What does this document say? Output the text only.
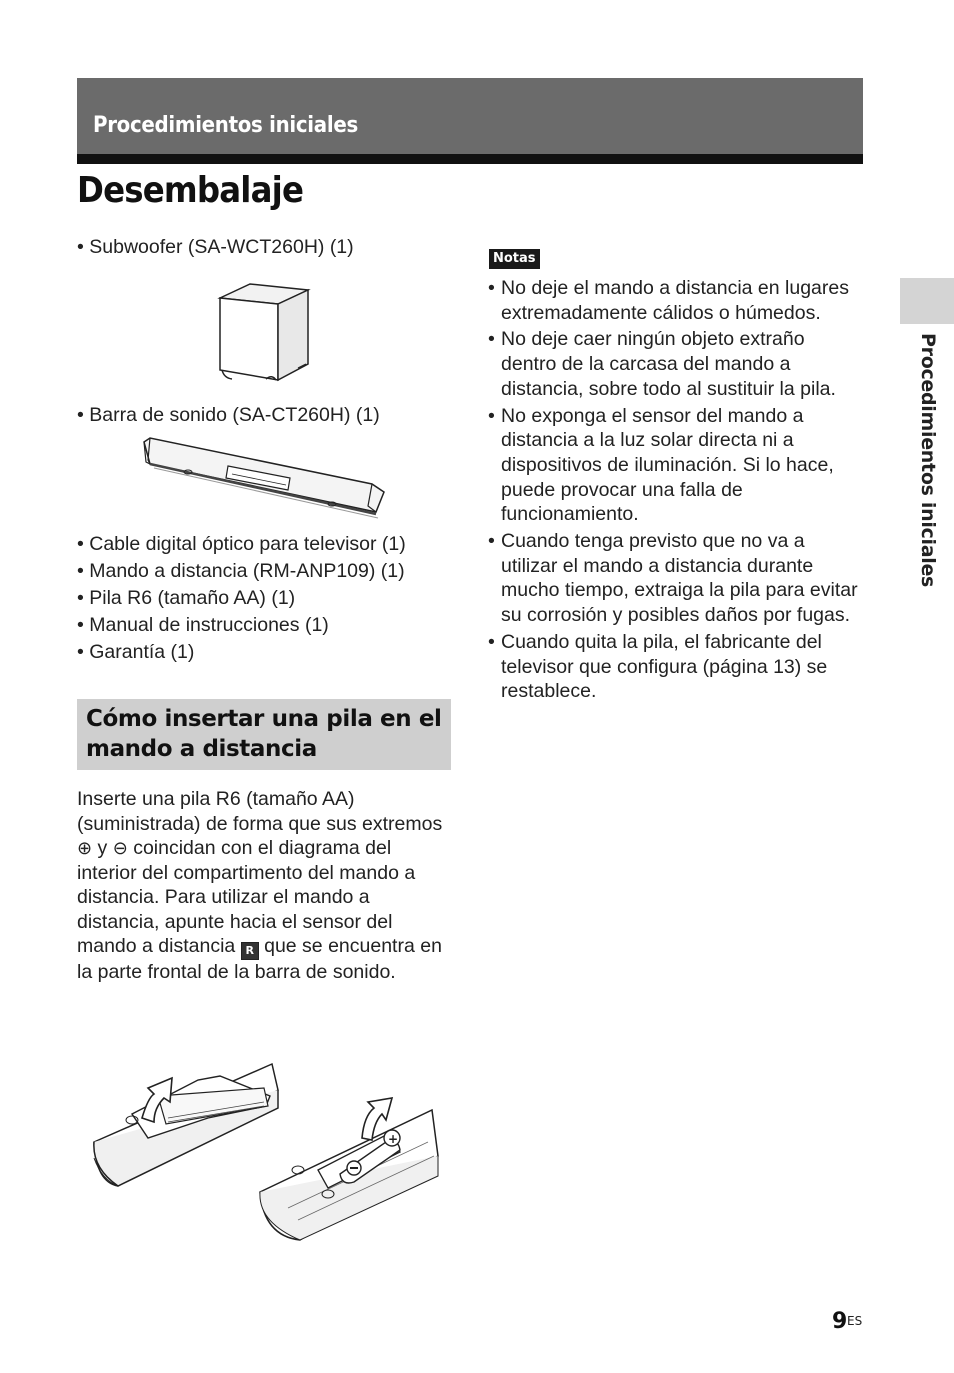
Procedimientos iniciales
Desembalaje
• Subwoofer (SA-WCT260H) (1)
• Barra de sonido (SA-CT260H) (1)
• Cable digital óptico para televisor (1)
• Mando a distancia (RM-ANP109) (1)
• Pila R6 (tamaño AA) (1)
• Manual de instrucciones (1)
• Garantía (1)
Cómo insertar una pila en el mando a distancia
Inserte una pila R6 (tamaño AA) (suministrada) de forma que sus extremos ⊕ y ⊖ coincidan con el diagrama del interior del compartimento del mando a distancia. Para utilizar el mando a distancia, apunte hacia el sensor del mando a distancia R que se encuentra en la parte frontal de la barra de sonido.
+
Notas
• No deje el mando a distancia en lugares extremadamente cálidos o húmedos.
• No deje caer ningún objeto extraño dentro de la carcasa del mando a distancia, sobre todo al sustituir la pila.
• No exponga el sensor del mando a distancia a la luz solar directa ni a dispositivos de iluminación. Si lo hace, puede provocar una falla de funcionamiento.
• Cuando tenga previsto que no va a utilizar el mando a distancia durante mucho tiempo, extraiga la pila para evitar su corrosión y posibles daños por fugas.
• Cuando quita la pila, el fabricante del televisor que configura (página 13) se restablece.
Procedimientos iniciales
9 ES
